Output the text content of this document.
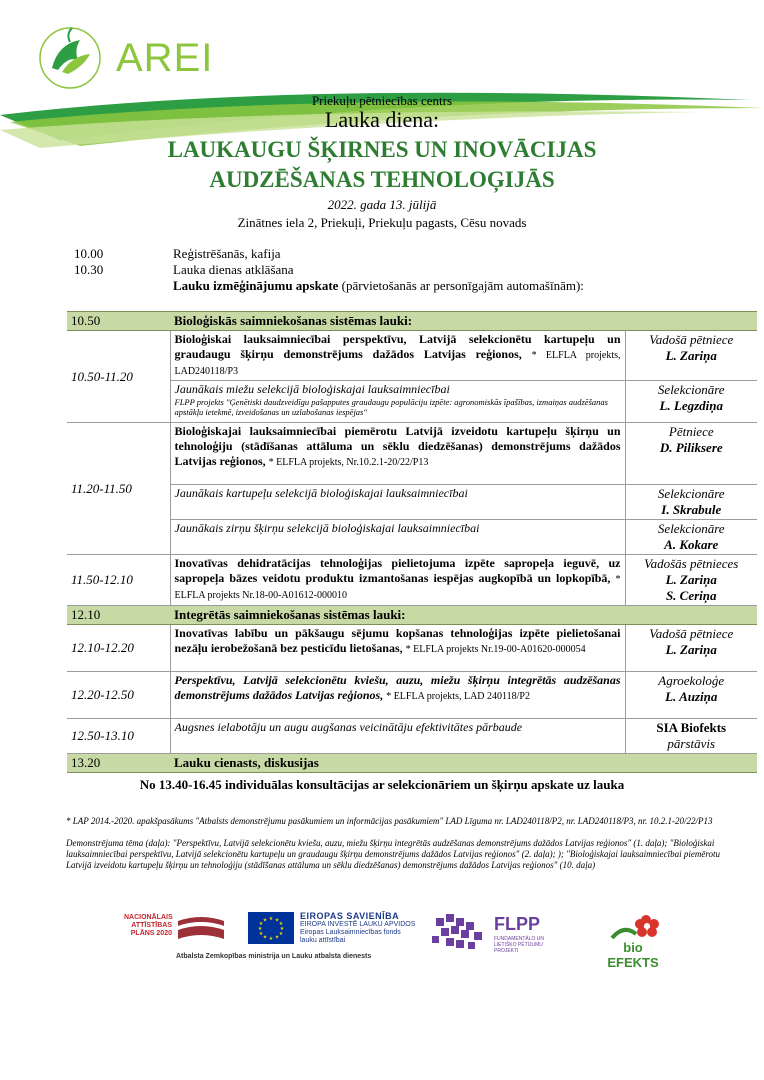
AREI
Priekuļu pētniecības centrs
Lauka diena:
LAUKAUGU ŠĶIRNES UN INOVĀCIJAS
AUDZĒŠANAS TEHNOLOĢIJĀS
2022. gada 13. jūlijā
Zinātnes iela 2, Priekuļi, Priekuļu pagasts, Cēsu novads
10.00	Reģistrēšanās, kafija
10.30	Lauka dienas atklāšana
Lauku izmēģinājumu apskate (pārvietošanās ar personīgajām automašīnām):
10.50	Bioloģiskās saimniekošanas sistēmas lauki:	
10.50-11.20	Bioloģiskai lauksaimniecībai perspektīvu, Latvijā selekcionētu kartupeļu un graudaugu šķirņu demonstrējums dažādos Latvijas reģionos, * ELFLA projekts, LAD240118/P3	Vadošā pētniece
L. Zariņa

	Jaunākais miežu selekcijā bioloģiskajai lauksaimniecībai
FLPP projekts "Ģenētiski daudzveidīgu pašapputes graudaugu populāciju izpēte: agronomiskās īpašības, izmaiņas audzēšanas apstākļu ietekmē, izveidošanas un uzlabošanas iespējas"	Selekcionāre
L. Legzdiņa

11.20-11.50	Bioloģiskajai lauksaimniecībai piemērotu Latvijā izveidotu kartupeļu šķirņu un tehnoloģiju (stādīšanas attāluma un sēklu diedzēšanas) demonstrējums dažādos Latvijas reģionos, * ELFLA projekts, Nr.10.2.1-20/22/P13	Pētniece
D. Piliksere

	Jaunākais kartupeļu selekcijā bioloģiskajai lauksaimniecībai	Selekcionāre
I. Skrabule

	Jaunākais zirņu šķirņu selekcijā bioloģiskajai lauksaimniecībai	Selekcionāre
A. Kokare

11.50-12.10	Inovatīvas dehidratācijas tehnoloģijas pielietojuma izpēte sapropeļa ieguvē, uz sapropeļa bāzes veidotu produktu izmantošanas iespējas augkopībā un lopkopībā, * ELFLA projekts Nr.18-00-A01612-000010	Vadošās pētnieces
L. Zariņa
S. Ceriņa

12.10	Integrētās saimniekošanas sistēmas lauki:	
12.10-12.20	Inovatīvas labību un pākšaugu sējumu kopšanas tehnoloģijas izpēte pielietošanai nezāļu ierobežošanā bez pesticīdu lietošanas, * ELFLA projekts Nr.19-00-A01620-000054	Vadošā pētniece
L. Zariņa

12.20-12.50	Perspektīvu, Latvijā selekcionētu kviešu, auzu, miežu šķirņu integrētās audzēšanas demonstrējums dažādos Latvijas reģionos, * ELFLA projekts, LAD 240118/P2	Agroekoloģe
L. Auziņa

12.50-13.10	Augsnes ielabotāju un augu augšanas veicinātāju efektivitātes pārbaude	SIA Biofekts
pārstāvis
13.20	Lauku cienasts, diskusijas	
No 13.40-16.45 individuālas konsultācijas ar selekcionāriem un šķirņu apskate uz lauka
* LAP 2014.-2020. apakšpasākums "Atbalsts demonstrējumu pasākumiem un informācijas pasākumiem" LAD Līguma nr. LAD240118/P2, nr. LAD240118/P3, nr. 10.2.1-20/22/P13
Demonstrējuma tēma (daļa): "Perspektīvu, Latvijā selekcionētu kviešu, auzu, miežu šķirņu integrētās audzēšanas demonstrējums dažādos Latvijas reģionos" (1. daļa); "Bioloģiskai lauksaimniecībai perspektīvu, Latvijā selekcionētu kartupeļu un graudaugu šķirņu demonstrējums dažādos Latvijas reģionos" (2. daļa); ); "Bioloģiskajai lauksaimniecībai piemērotu Latvijā izveidotu kartupeļu šķirņu un tehnoloģiju (stādīšanas attāluma un sēklu diedzēšanas) demonstrējums dažādos Latvijas reģionos" (10. daļa)
NACIONĀLAIS
ATTĪSTĪBAS
PLĀNS 2020
★ ★
★
★
★
★
★
★
★
★
★
★	EIROPAS SAVIENĪBA
EIROPA INVESTĒ LAUKU APVIDOS
Eiropas Lauksaimniecības fonds
lauku attīstībai
Atbalsta Zemkopības ministrija un Lauku atbalsta dienests
FLPP
FUNDAMENTĀLO UN LIETIŠĶO PĒTĪJUMU PROJEKTI	bio EFEKTS
